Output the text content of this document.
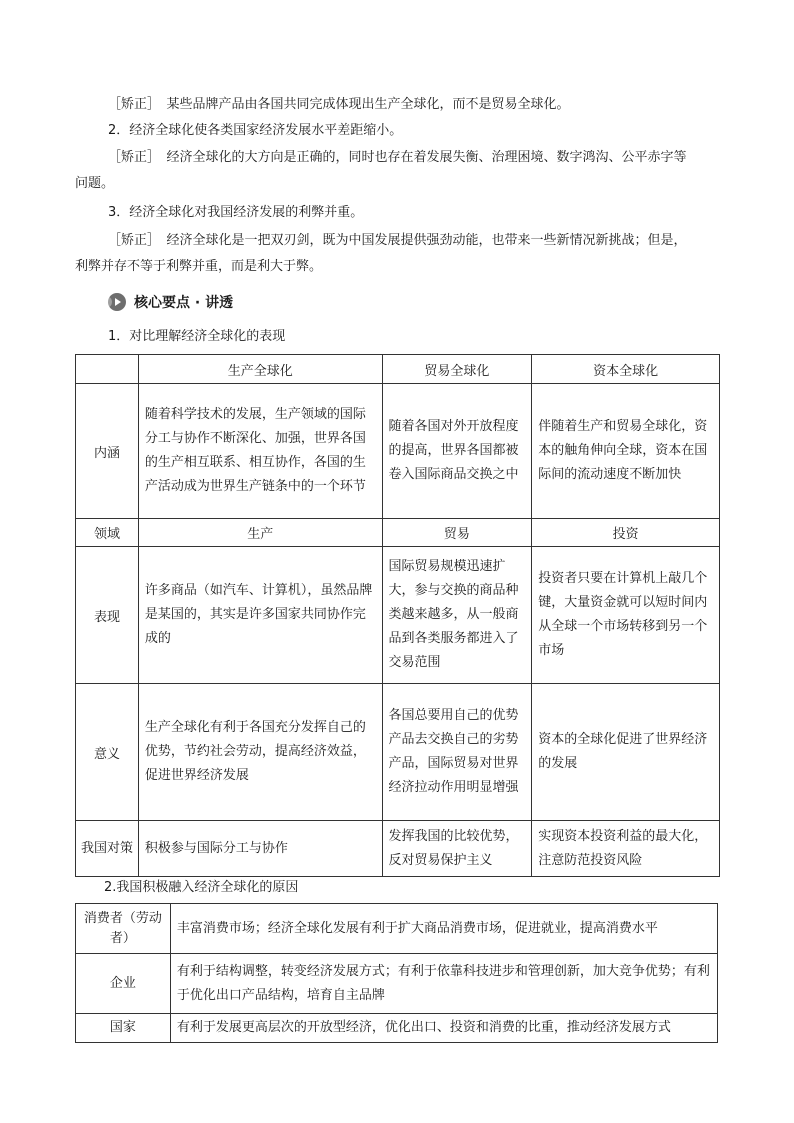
［矫正］　某些品牌产品由各国共同完成体现出生产全球化，而不是贸易全球化。

2．经济全球化使各类国家经济发展水平差距缩小。

［矫正］　经济全球化的大方向是正确的，同时也存在着发展失衡、治理困境、数字鸿沟、公平赤字等

问题。

3．经济全球化对我国经济发展的利弊并重。

［矫正］　经济全球化是一把双刃剑，既为中国发展提供强劲动能，也带来一些新情况新挑战；但是，

利弊并存不等于利弊并重，而是利大于弊。

核心要点 · 讲透
1．对比理解经济全球化的表现
	生产全球化	贸易全球化	资本全球化
内涵	随着科学技术的发展，生产领域的国际分工与协作不断深化、加强，世界各国的生产相互联系、相互协作，各国的生产活动成为世界生产链条中的一个环节	随着各国对外开放程度的提高，世界各国都被卷入国际商品交换之中	伴随着生产和贸易全球化，资本的触角伸向全球，资本在国际间的流动速度不断加快
领域	生产	贸易	投资
表现	许多商品（如汽车、计算机），虽然品牌是某国的，其实是许多国家共同协作完成的	国际贸易规模迅速扩大，参与交换的商品种类越来越多，从一般商品到各类服务都进入了交易范围	投资者只要在计算机上敲几个键，大量资金就可以短时间内从全球一个市场转移到另一个市场
意义	生产全球化有利于各国充分发挥自己的优势，节约社会劳动，提高经济效益，促进世界经济发展	各国总要用自己的优势产品去交换自己的劣势产品，国际贸易对世界经济拉动作用明显增强	资本的全球化促进了世界经济的发展
我国对策	积极参与国际分工与协作	发挥我国的比较优势，反对贸易保护主义	实现资本投资利益的最大化，注意防范投资风险
2.我国积极融入经济全球化的原因
消费者（劳动者）	丰富消费市场；经济全球化发展有利于扩大商品消费市场，促进就业，提高消费水平
企业	有利于结构调整，转变经济发展方式；有利于依靠科技进步和管理创新，加大竞争优势；有利于优化出口产品结构，培育自主品牌
国家	有利于发展更高层次的开放型经济，优化出口、投资和消费的比重，推动经济发展方式
